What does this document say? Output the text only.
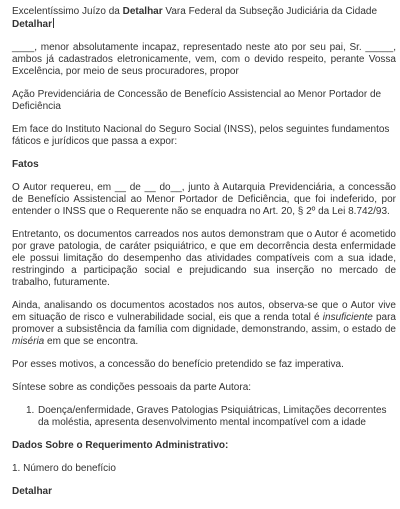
Excelentíssimo Juízo da Detalhar Vara Federal da Subseção Judiciária da Cidade Detalhar

____, menor absolutamente incapaz, representado neste ato por seu pai, Sr. _____, ambos já cadastrados eletronicamente, vem, com o devido respeito, perante Vossa Excelência, por meio de seus procuradores, propor

Ação Previdenciária de Concessão de Benefício Assistencial ao Menor Portador de Deficiência

Em face do Instituto Nacional do Seguro Social (INSS), pelos seguintes fundamentos fáticos e jurídicos que passa a expor:

Fatos

O Autor requereu, em __ de __ do__, junto à Autarquia Previdenciária, a concessão de Benefício Assistencial ao Menor Portador de Deficiência, que foi indeferido, por entender o INSS que o Requerente não se enquadra no Art. 20, § 2º da Lei 8.742/93.

Entretanto, os documentos carreados nos autos demonstram que o Autor é acometido por grave patologia, de caráter psiquiátrico, e que em decorrência desta enfermidade ele possui limitação do desempenho das atividades compatíveis com a sua idade, restringindo a participação social e prejudicando sua inserção no mercado de trabalho, futuramente.

Ainda, analisando os documentos acostados nos autos, observa-se que o Autor vive em situação de risco e vulnerabilidade social, eis que a renda total é insuficiente para promover a subsistência da família com dignidade, demonstrando, assim, o estado de miséria em que se encontra.

Por esses motivos, a concessão do benefício pretendido se faz imperativa.

Síntese sobre as condições pessoais da parte Autora:

1. Doença/enfermidade, Graves Patologias Psiquiátricas, Limitações decorrentes da moléstia, apresenta desenvolvimento mental incompatível com a idade
Dados Sobre o Requerimento Administrativo:

1. Número do benefício

Detalhar
